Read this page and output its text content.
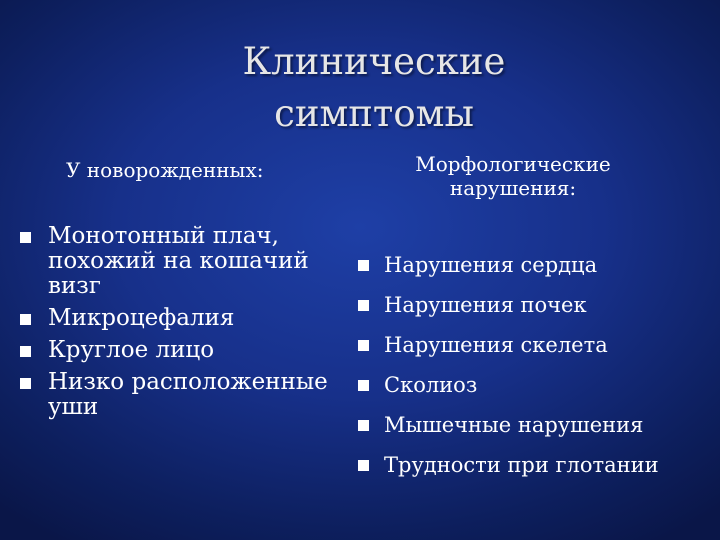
Клинические
симптомы
У новорожденных:	Морфологические
нарушения:
Монотонный плач,
похожий на кошачий
визг
Микроцефалия
Круглое лицо
Низко расположенные
уши
Нарушения сердца
Нарушения почек
Нарушения скелета
Сколиоз
Мышечные нарушения
Трудности при глотании
